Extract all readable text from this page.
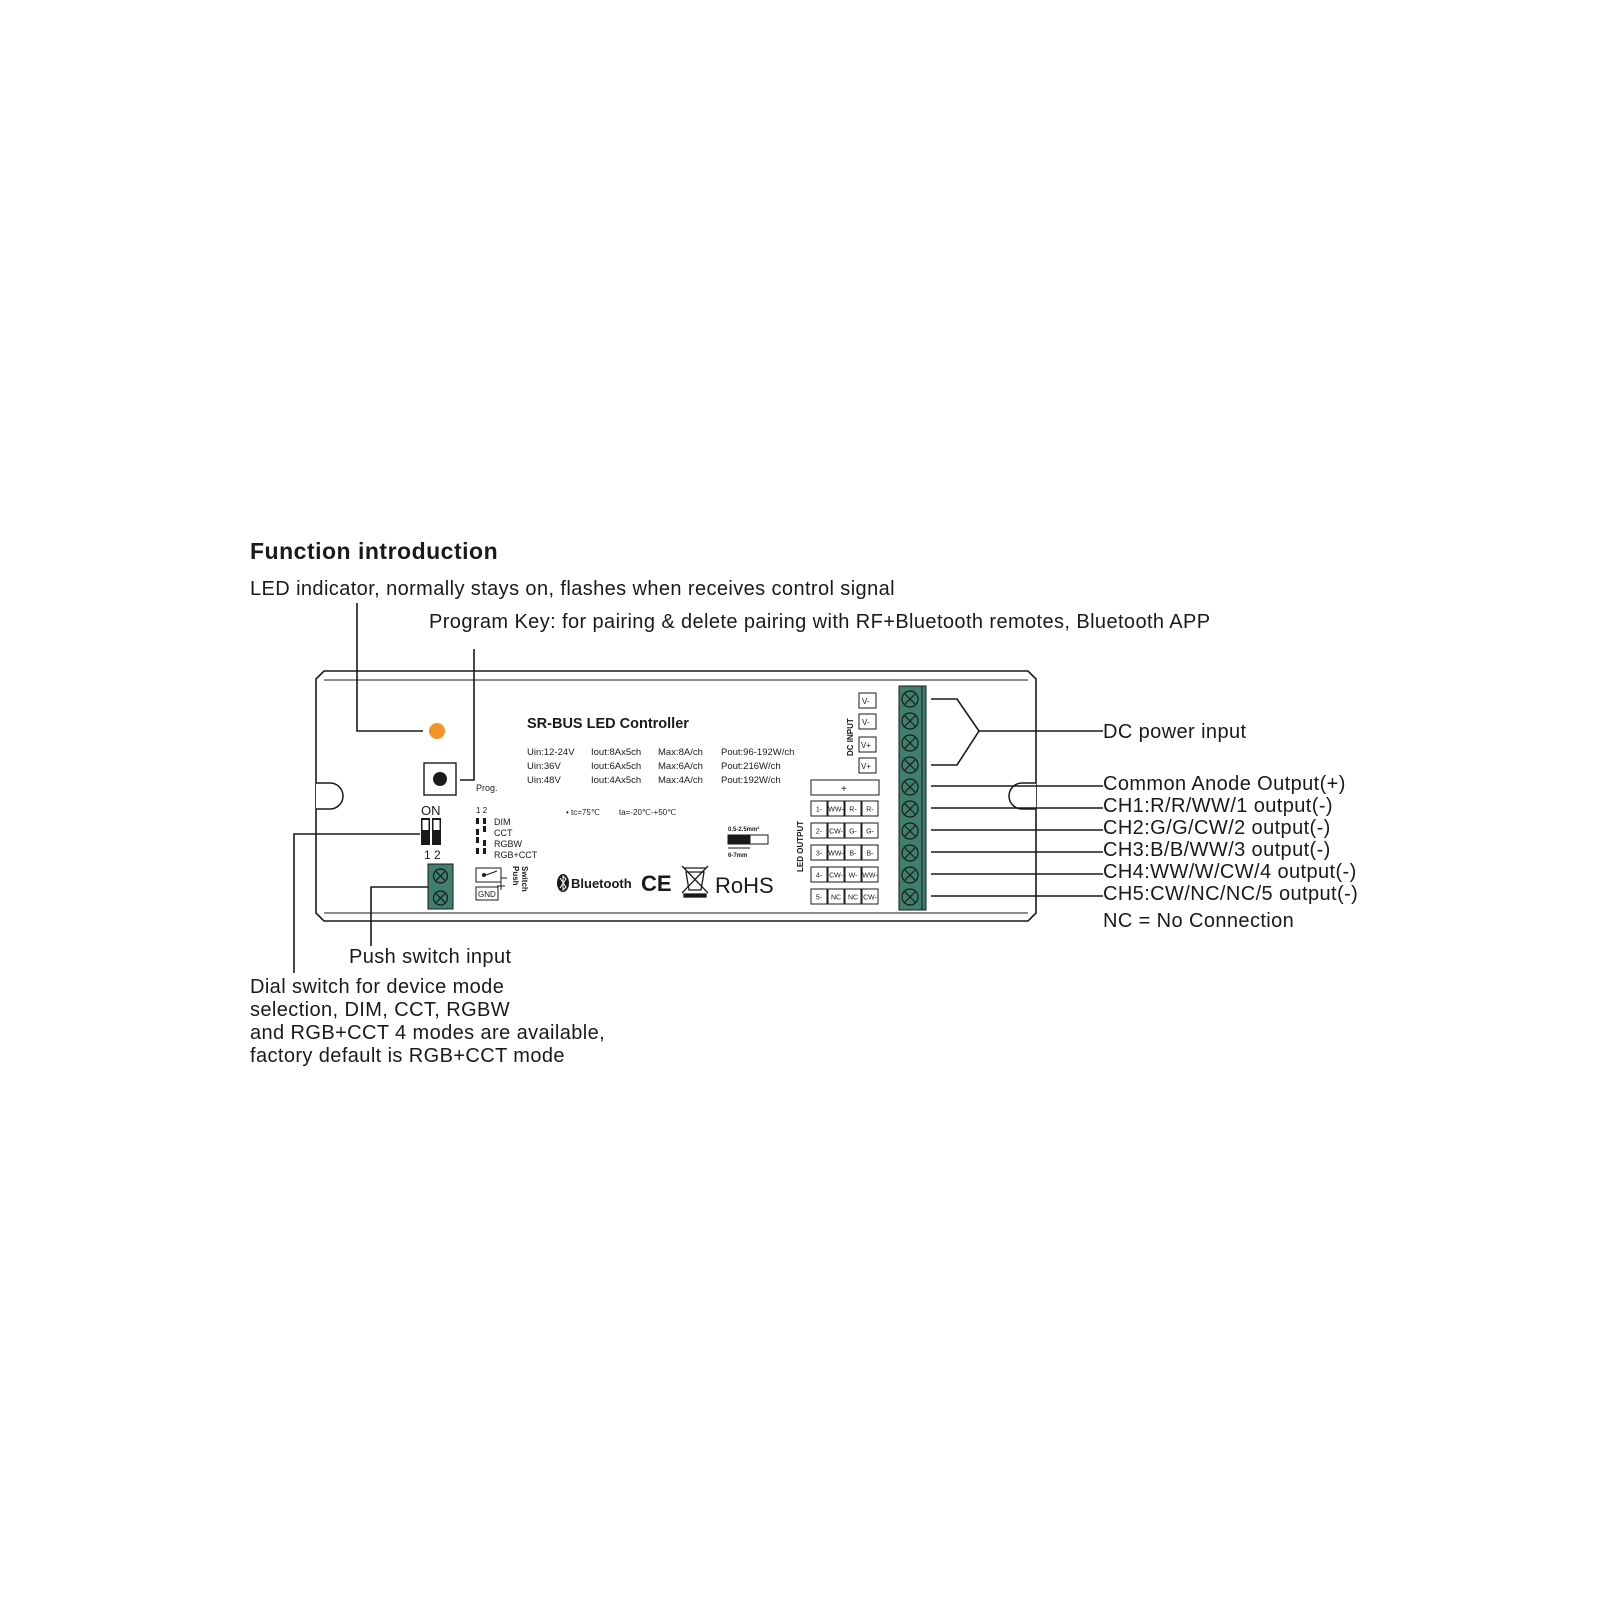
Function introduction
LED indicator, normally stays on, flashes when receives control signal
Program Key: for pairing & delete pairing with RF+Bluetooth remotes, Bluetooth APP
DC power input
Common Anode Output(+)
CH1:R/R/WW/1 output(-)
CH2:G/G/CW/2 output(-)
CH3:B/B/WW/3 output(-)
CH4:WW/W/CW/4 output(-)
CH5:CW/NC/NC/5 output(-)
NC = No Connection
Push switch input
Dial switch for device mode
selection, DIM, CCT, RGBW
and RGB+CCT 4 modes are available,
factory default is RGB+CCT mode
Prog.
SR-BUS LED Controller
Uin:12-24V Iout:8Ax5ch Max:8A/ch Pout:96-192W/ch
Uin:36V	Iout:6Ax5ch Max:6A/ch Pout:216W/ch
Uin:48V	Iout:4Ax5ch Max:4A/ch Pout:192W/ch
• tc=75℃ ta=-20℃-+50℃
ON
1 2
1 2
DIM
CCT
RGBW
RGB+CCT
GND
Push Switch	Bluetooth CE RoHS
0.5-2.5mm²
6-7mm
DC INPUT
V-
V-
V+
V+
+
LED OUTPUT
1- WW- R- R-
2- CW- G- G-
3- WW- B- B-
4- CW- W- WW-
5- NC NC CW-
